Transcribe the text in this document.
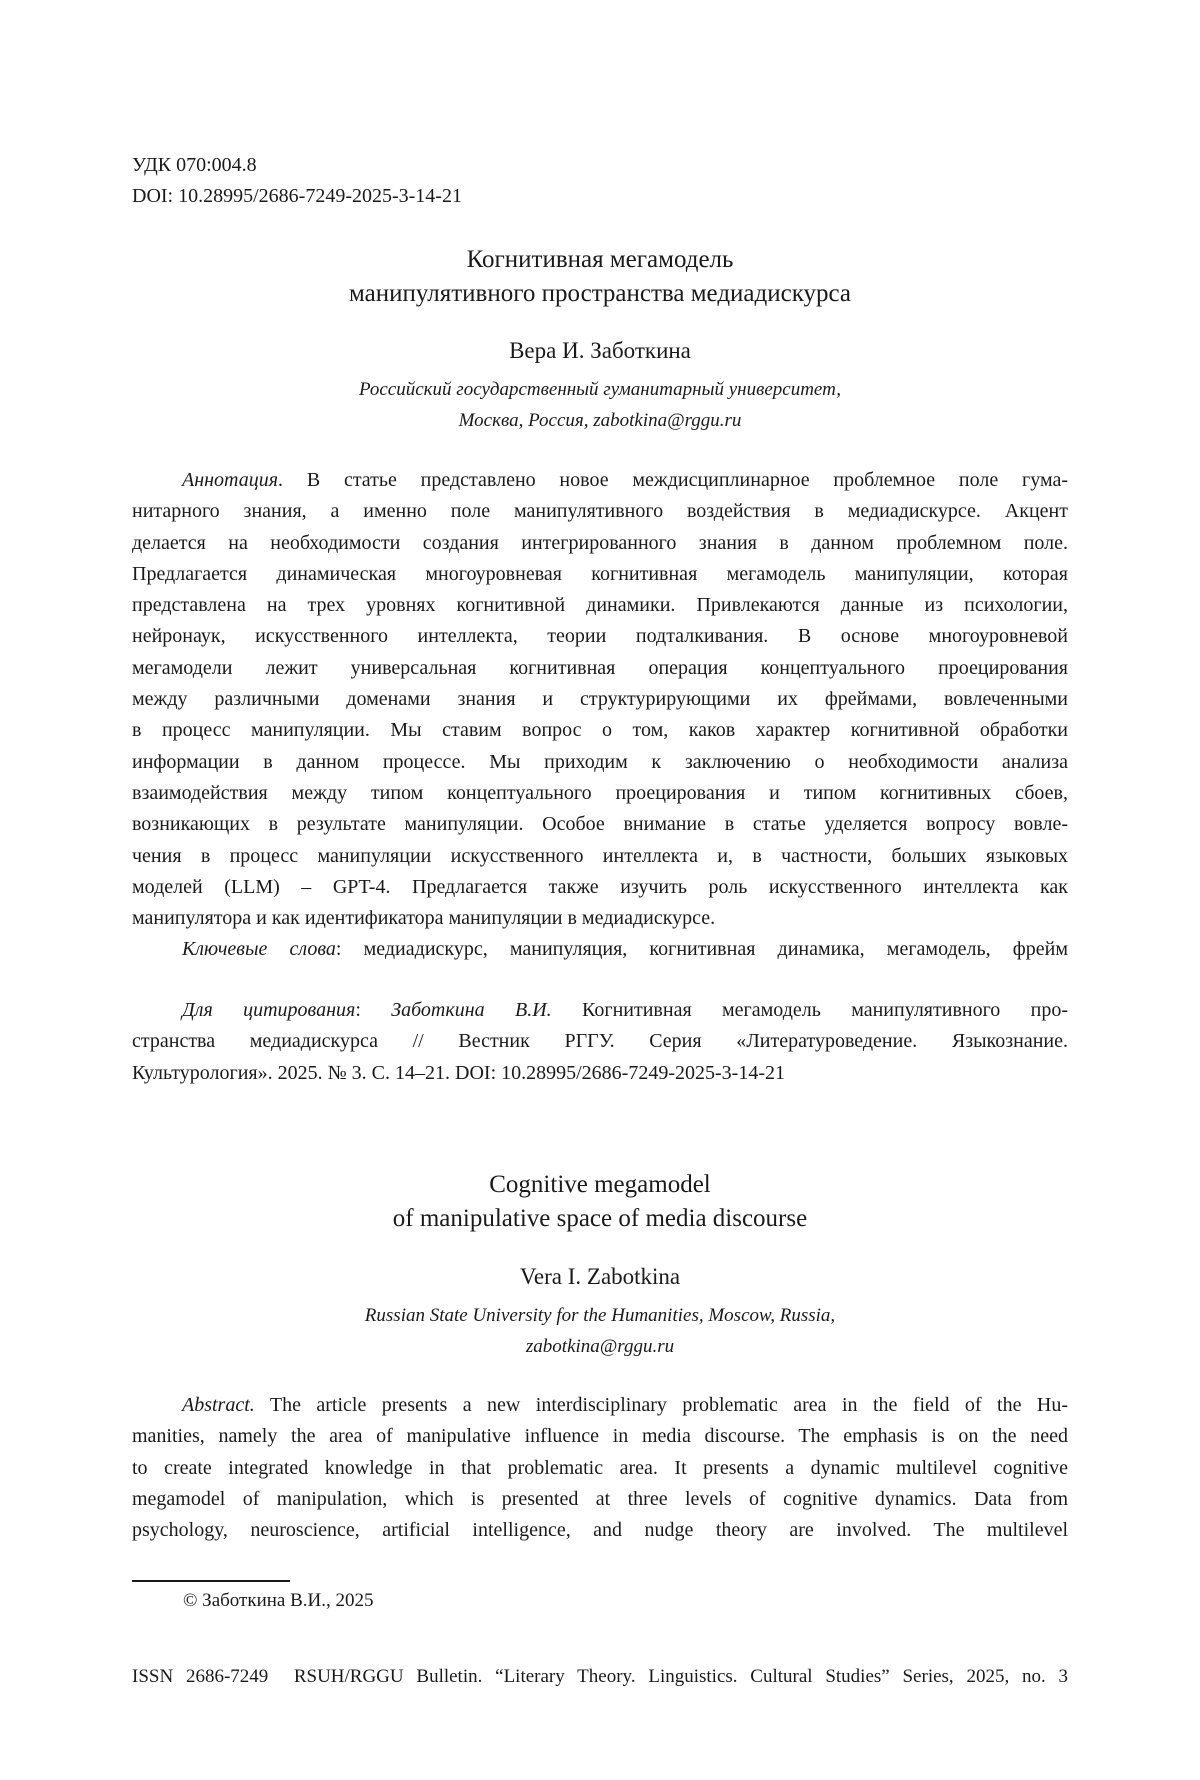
УДК 070:004.8
DOI: 10.28995/2686-7249-2025-3-14-21
Когнитивная мегамодель
манипулятивного пространства медиадискурса
Вера И. Заботкина
Российский государственный гуманитарный университет,
Москва, Россия, zabotkina@rggu.ru
Аннотация. В статье представлено новое междисциплинарное проблемное поле гума-
нитарного знания, а именно поле манипулятивного воздействия в медиадискурсе. Акцент
делается на необходимости создания интегрированного знания в данном проблемном поле.
Предлагается динамическая многоуровневая когнитивная мегамодель манипуляции, которая
представлена на трех уровнях когнитивной динамики. Привлекаются данные из психологии,
нейронаук, искусственного интеллекта, теории подталкивания. В основе многоуровневой
мегамодели лежит универсальная когнитивная операция концептуального проецирования
между различными доменами знания и структурирующими их фреймами, вовлеченными
в процесс манипуляции. Мы ставим вопрос о том, каков характер когнитивной обработки
информации в данном процессе. Мы приходим к заключению о необходимости анализа
взаимодействия между типом концептуального проецирования и типом когнитивных сбоев,
возникающих в результате манипуляции. Особое внимание в статье уделяется вопросу вовле-
чения в процесс манипуляции искусственного интеллекта и, в частности, больших языковых
моделей (LLM) – GPT-4. Предлагается также изучить роль искусственного интеллекта как
манипулятора и как идентификатора манипуляции в медиадискурсе.
Ключевые слова: медиадискурс, манипуляция, когнитивная динамика, мегамодель, фрейм
Для цитирования: Заботкина В.И. Когнитивная мегамодель манипулятивного про-
странства медиадискурса // Вестник РГГУ. Серия «Литературоведение. Языкознание.
Культурология». 2025. № 3. С. 14–21. DOI: 10.28995/2686-7249-2025-3-14-21
Cognitive megamodel
of manipulative space of media discourse
Vera I. Zabotkina
Russian State University for the Humanities, Moscow, Russia,
zabotkina@rggu.ru
Abstract. The article presents a new interdisciplinary problematic area in the field of the Hu-
manities, namely the area of manipulative influence in media discourse. The emphasis is on the need
to create integrated knowledge in that problematic area. It presents a dynamic multilevel cognitive
megamodel of manipulation, which is presented at three levels of cognitive dynamics. Data from
psychology, neuroscience, artificial intelligence, and nudge theory are involved. The multilevel
© Заботкина В.И., 2025
ISSN 2686-7249 RSUH/RGGU Bulletin. “Literary Theory. Linguistics. Cultural Studies” Series, 2025, no. 3
